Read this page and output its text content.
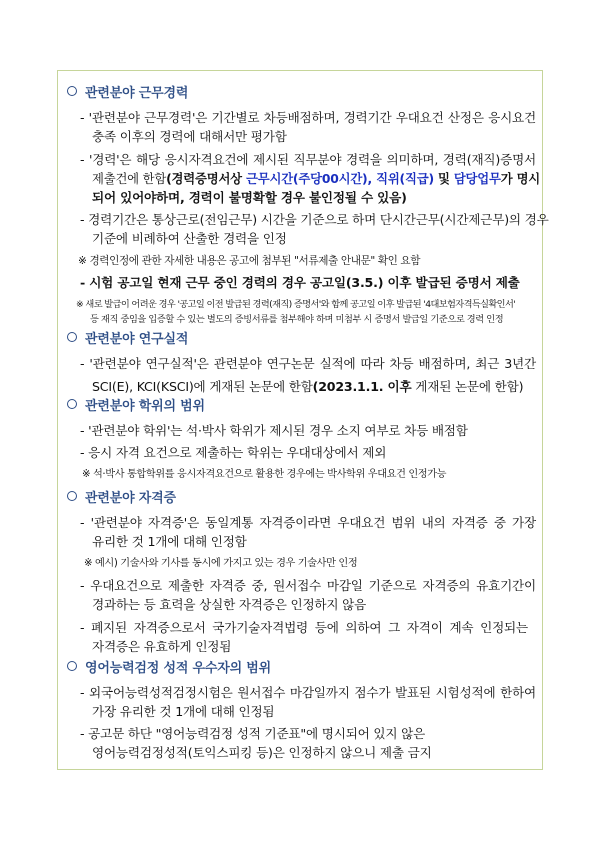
관련분야 근무경력
- '관련분야 근무경력'은 기간별로 차등배점하며, 경력기간 우대요건 산정은 응시요건
충족 이후의 경력에 대해서만 평가함
- '경력'은 해당 응시자격요건에 제시된 직무분야 경력을 의미하며, 경력(재직)증명서
제출건에 한함(경력증명서상 근무시간(주당00시간), 직위(직급) 및 담당업무가 명시
되어 있어야하며, 경력이 불명확할 경우 불인정될 수 있음)
- 경력기간은 통상근로(전임근무) 시간을 기준으로 하며 단시간근무(시간제근무)의 경우
기준에 비례하여 산출한 경력을 인정
※ 경력인정에 관한 자세한 내용은 공고에 첨부된 "서류제출 안내문" 확인 요함
- 시험 공고일 현재 근무 중인 경력의 경우 공고일(3.5.) 이후 발급된 증명서 제출
※ 새로 발급이 어려운 경우 '공고일 이전 발급된 경력(재직) 증명서'와 함께 공고일 이후 발급된 '4대보험자격득실확인서'
등 재직 중임을 입증할 수 있는 별도의 증빙서류를 첨부해야 하며 미첨부 시 증명서 발급일 기준으로 경력 인정
관련분야 연구실적
- '관련분야 연구실적'은 관련분야 연구논문 실적에 따라 차등 배점하며, 최근 3년간
SCI(E), KCI(KSCI)에 게재된 논문에 한함(2023.1.1. 이후 게재된 논문에 한함)
관련분야 학위의 범위
- '관련분야 학위'는 석·박사 학위가 제시된 경우 소지 여부로 차등 배점함
- 응시 자격 요건으로 제출하는 학위는 우대대상에서 제외
※ 석·박사 통합학위를 응시자격요건으로 활용한 경우에는 박사학위 우대요건 인정가능
관련분야 자격증
- '관련분야 자격증'은 동일계통 자격증이라면 우대요건 범위 내의 자격증 중 가장
유리한 것 1개에 대해 인정함
※ 예시) 기술사와 기사를 동시에 가지고 있는 경우 기술사만 인정
- 우대요건으로 제출한 자격증 중, 원서접수 마감일 기준으로 자격증의 유효기간이
경과하는 등 효력을 상실한 자격증은 인정하지 않음
- 폐지된 자격증으로서 국가기술자격법령 등에 의하여 그 자격이 계속 인정되는
자격증은 유효하게 인정됨
영어능력검정 성적 우수자의 범위
- 외국어능력성적검정시험은 원서접수 마감일까지 점수가 발표된 시험성적에 한하여
가장 유리한 것 1개에 대해 인정됨
- 공고문 하단 "영어능력검정 성적 기준표"에 명시되어 있지 않은
영어능력검정성적(토익스피킹 등)은 인정하지 않으니 제출 금지
